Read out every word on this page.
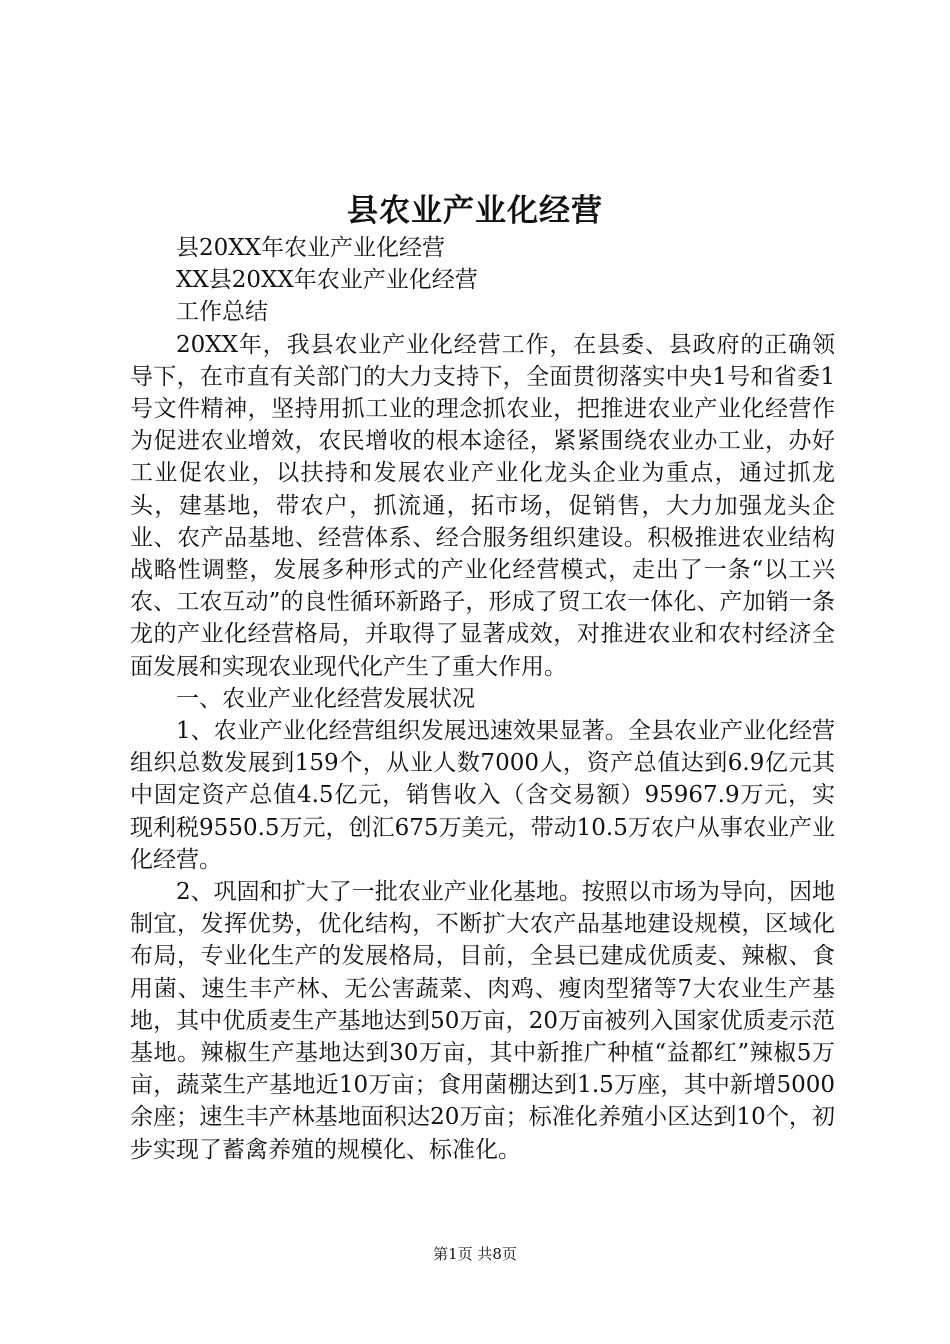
县农业产业化经营

县20XX年农业产业化经营

XX县20XX年农业产业化经营

工作总结

20XX年，我县农业产业化经营工作，在县委、县政府的正确领导下，在市直有关部门的大力支持下，全面贯彻落实中央1号和省委1号文件精神，坚持用抓工业的理念抓农业，把推进农业产业化经营作为促进农业增效，农民增收的根本途径，紧紧围绕农业办工业，办好工业促农业，以扶持和发展农业产业化龙头企业为重点，通过抓龙头，建基地，带农户，抓流通，拓市场，促销售，大力加强龙头企业、农产品基地、经营体系、经合服务组织建设。积极推进农业结构战略性调整，发展多种形式的产业化经营模式，走出了一条“以工兴农、工农互动”的良性循环新路子，形成了贸工农一体化、产加销一条龙的产业化经营格局，并取得了显著成效，对推进农业和农村经济全面发展和实现农业现代化产生了重大作用。

一、农业产业化经营发展状况

1、农业产业化经营组织发展迅速效果显著。全县农业产业化经营组织总数发展到159个，从业人数7000人，资产总值达到6.9亿元其中固定资产总值4.5亿元，销售收入（含交易额）95967.9万元，实现利税9550.5万元，创汇675万美元，带动10.5万农户从事农业产业化经营。

2、巩固和扩大了一批农业产业化基地。按照以市场为导向，因地制宜，发挥优势，优化结构，不断扩大农产品基地建设规模，区域化布局，专业化生产的发展格局，目前，全县已建成优质麦、辣椒、食用菌、速生丰产林、无公害蔬菜、肉鸡、瘦肉型猪等7大农业生产基地，其中优质麦生产基地达到50万亩，20万亩被列入国家优质麦示范基地。辣椒生产基地达到30万亩，其中新推广种植“益都红”辣椒5万亩，蔬菜生产基地近10万亩；食用菌棚达到1.5万座，其中新增5000余座；速生丰产林基地面积达20万亩；标准化养殖小区达到10个，初步实现了蓄禽养殖的规模化、标准化。

第1页 共8页
